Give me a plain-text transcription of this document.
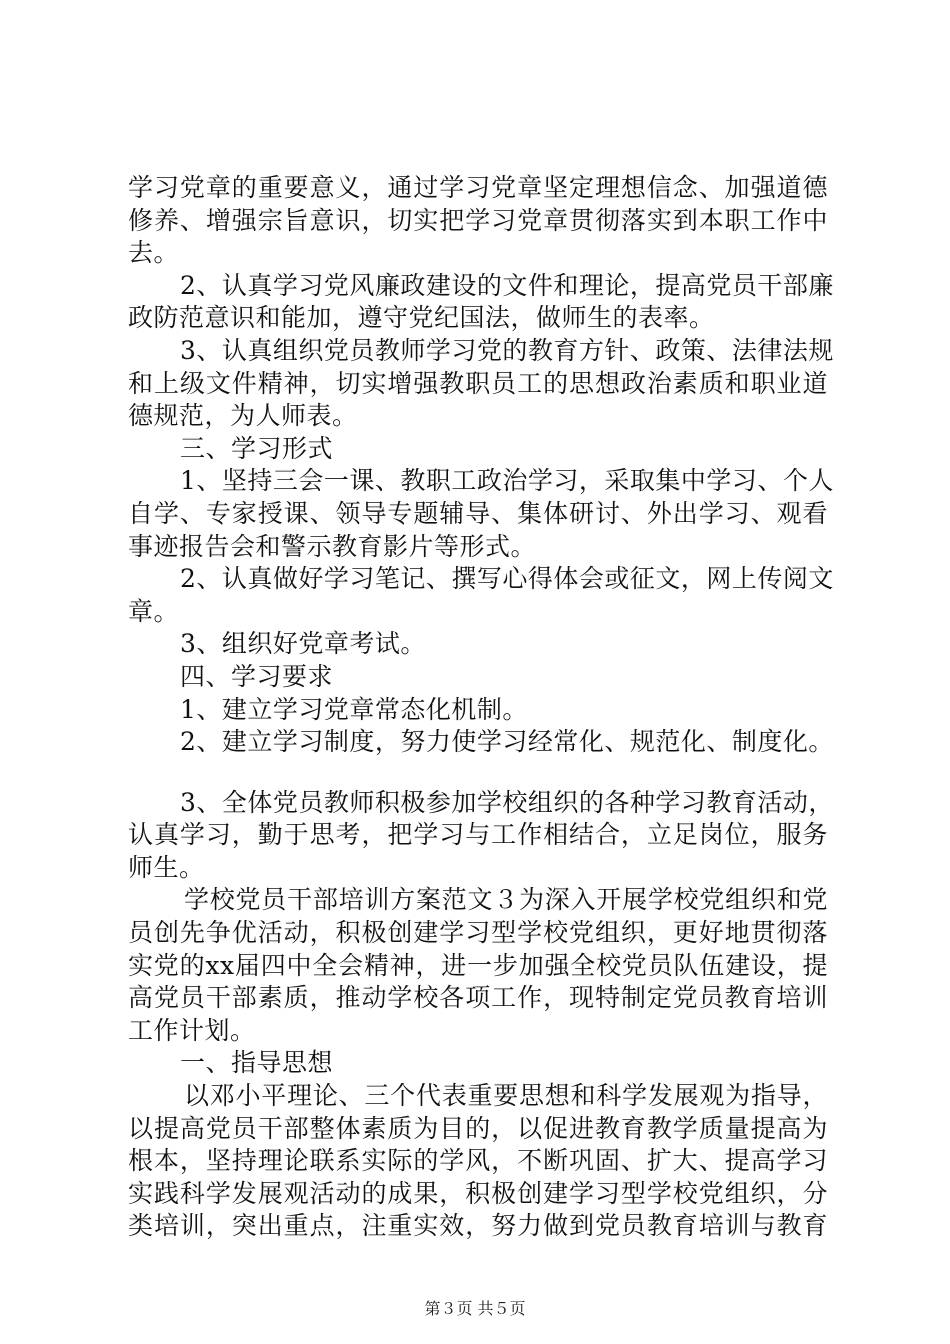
学习党章的重要意义，通过学习党章坚定理想信念、加强道德
修养、增强宗旨意识，切实把学习党章贯彻落实到本职工作中
去。
2、认真学习党风廉政建设的文件和理论，提高党员干部廉
政防范意识和能加，遵守党纪国法，做师生的表率。
3、认真组织党员教师学习党的教育方针、政策、法律法规
和上级文件精神，切实增强教职员工的思想政治素质和职业道
德规范，为人师表。
三、学习形式
1、坚持三会一课、教职工政治学习，采取集中学习、个人
自学、专家授课、领导专题辅导、集体研讨、外出学习、观看
事迹报告会和警示教育影片等形式。
2、认真做好学习笔记、撰写心得体会或征文，网上传阅文
章。
3、组织好党章考试。
四、学习要求
1、建立学习党章常态化机制。
2、建立学习制度，努力使学习经常化、规范化、制度化。
3、全体党员教师积极参加学校组织的各种学习教育活动，
认真学习，勤于思考，把学习与工作相结合，立足岗位，服务
师生。
学校党员干部培训方案范文３为深入开展学校党组织和党
员创先争优活动，积极创建学习型学校党组织，更好地贯彻落
实党的xx届四中全会精神，进一步加强全校党员队伍建设，提
高党员干部素质，推动学校各项工作，现特制定党员教育培训
工作计划。
一、指导思想
以邓小平理论、三个代表重要思想和科学发展观为指导，
以提高党员干部整体素质为目的，以促进教育教学质量提高为
根本，坚持理论联系实际的学风，不断巩固、扩大、提高学习
实践科学发展观活动的成果，积极创建学习型学校党组织，分
类培训，突出重点，注重实效，努力做到党员教育培训与教育
第３页 共５页
